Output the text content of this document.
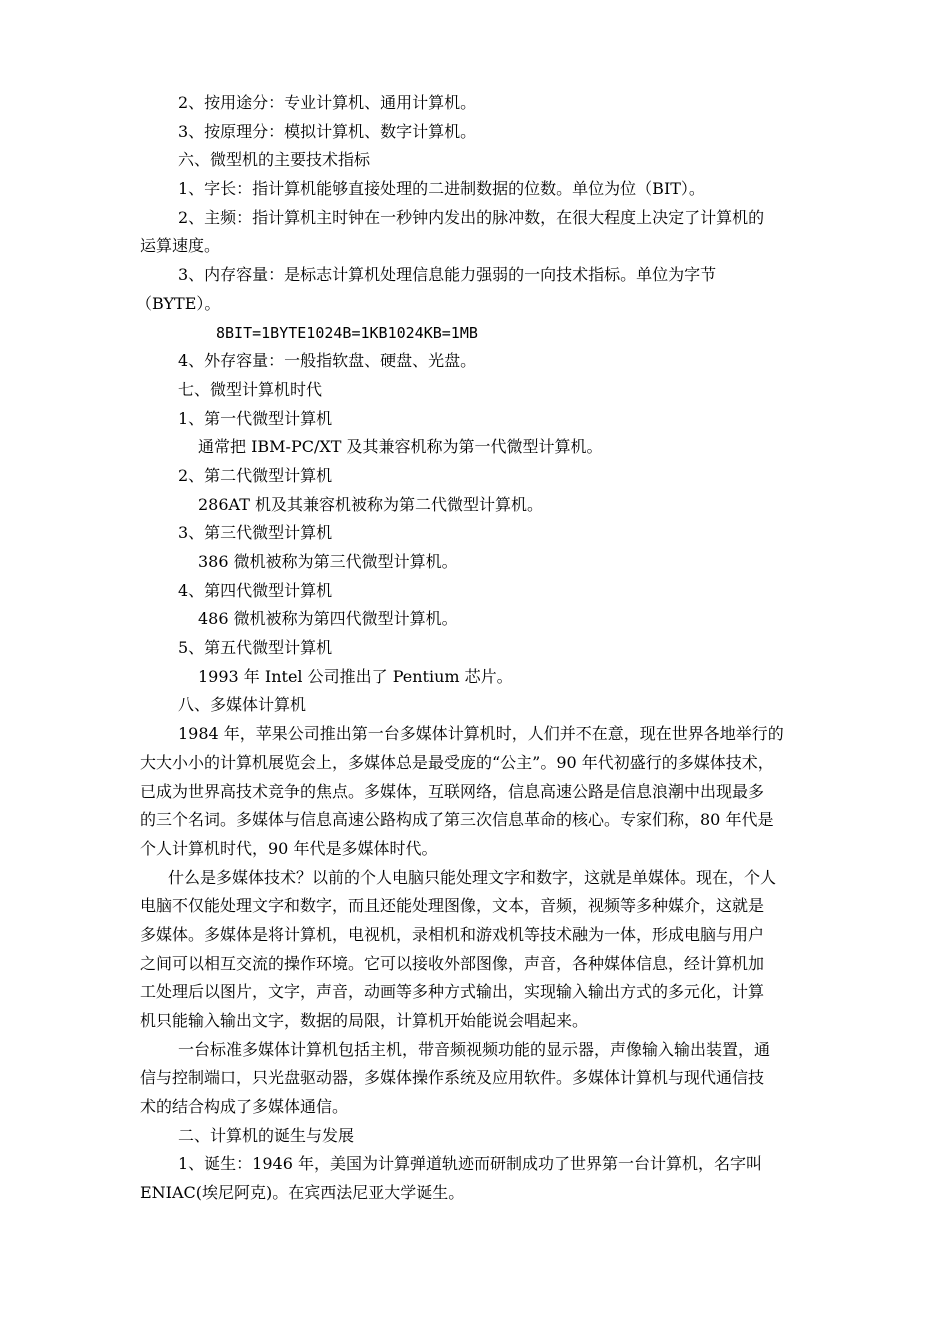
2、按用途分：专业计算机、通用计算机。
3、按原理分：模拟计算机、数字计算机。
六、微型机的主要技术指标
1、字长：指计算机能够直接处理的二进制数据的位数。单位为位（BIT）。
2、主频：指计算机主时钟在一秒钟内发出的脉冲数，在很大程度上决定了计算机的
运算速度。
3、内存容量：是标志计算机处理信息能力强弱的一向技术指标。单位为字节
（BYTE）。
8BIT=1BYTE1024B=1KB1024KB=1MB
4、外存容量：一般指软盘、硬盘、光盘。
七、微型计算机时代
1、第一代微型计算机
通常把 IBM-PC/XT 及其兼容机称为第一代微型计算机。
2、第二代微型计算机
286AT 机及其兼容机被称为第二代微型计算机。
3、第三代微型计算机
386 微机被称为第三代微型计算机。
4、第四代微型计算机
486 微机被称为第四代微型计算机。
5、第五代微型计算机
1993 年 Intel 公司推出了 Pentium 芯片。
八、多媒体计算机
1984 年，苹果公司推出第一台多媒体计算机时，人们并不在意，现在世界各地举行的
大大小小的计算机展览会上，多媒体总是最受庞的“公主”。90 年代初盛行的多媒体技术，
已成为世界高技术竞争的焦点。多媒体，互联网络，信息高速公路是信息浪潮中出现最多
的三个名词。多媒体与信息高速公路构成了第三次信息革命的核心。专家们称，80 年代是
个人计算机时代，90 年代是多媒体时代。
什么是多媒体技术？以前的个人电脑只能处理文字和数字，这就是单媒体。现在，个人
电脑不仅能处理文字和数字，而且还能处理图像，文本，音频，视频等多种媒介，这就是
多媒体。多媒体是将计算机，电视机，录相机和游戏机等技术融为一体，形成电脑与用户
之间可以相互交流的操作环境。它可以接收外部图像，声音，各种媒体信息，经计算机加
工处理后以图片，文字，声音，动画等多种方式输出，实现输入输出方式的多元化，计算
机只能输入输出文字，数据的局限，计算机开始能说会唱起来。
一台标准多媒体计算机包括主机，带音频视频功能的显示器，声像输入输出装置，通
信与控制端口，只光盘驱动器，多媒体操作系统及应用软件。多媒体计算机与现代通信技
术的结合构成了多媒体通信。
二、计算机的诞生与发展
1、诞生：1946 年，美国为计算弹道轨迹而研制成功了世界第一台计算机，名字叫
ENIAC(埃尼阿克)。在宾西法尼亚大学诞生。
